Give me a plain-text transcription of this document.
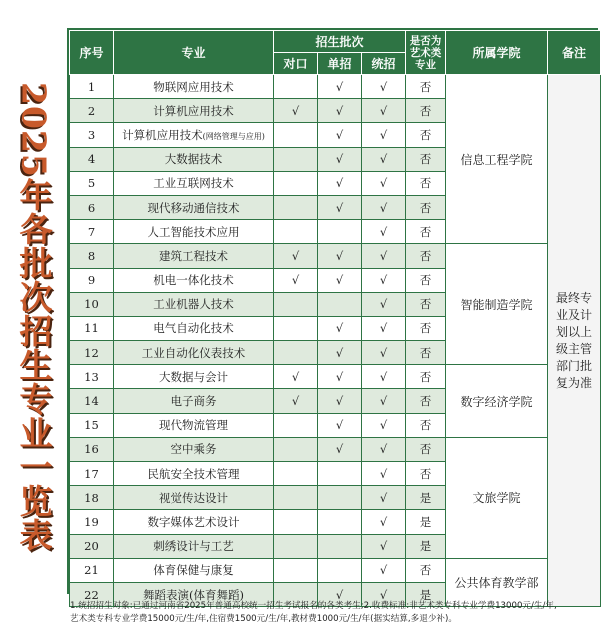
2025年各批次招生专业一览表
序号	专业	招生批次			是否为艺术类专业	所属学院	备注
		对口	单招	统招			
1	物联网应用技术		√	√	否	信息工程学院	最终专业及计划以上级主管部门批复为准
2	计算机应用技术	√	√	√	否		
3	计算机应用技术(网络管理与应用)		√	√	否		
4	大数据技术		√	√	否		
5	工业互联网技术		√	√	否		
6	现代移动通信技术		√	√	否		
7	人工智能技术应用			√	否		
8	建筑工程技术	√	√	√	否	智能制造学院	
9	机电一体化技术	√	√	√	否		
10	工业机器人技术			√	否		
11	电气自动化技术		√	√	否		
12	工业自动化仪表技术		√	√	否		
13	大数据与会计	√	√	√	否	数字经济学院	
14	电子商务	√	√	√	否		
15	现代物流管理		√	√	否		
16	空中乘务		√	√	否	文旅学院	
17	民航安全技术管理			√	否		
18	视觉传达设计			√	是		
19	数字媒体艺术设计			√	是		
20	刺绣设计与工艺			√	是		
21	体育保健与康复			√	否	公共体育教学部	
22	舞蹈表演(体育舞蹈)		√	√	是		
1.统招招生对象:已通过河南省2025年普通高校统一招生考试报名的各类考生;2.收费标准:非艺术类专科专业学费13000元/生/年,
艺术类专科专业学费15000元/生/年,住宿费1500元/生/年,教材费1000元/生/年(据实结算,多退少补)。
